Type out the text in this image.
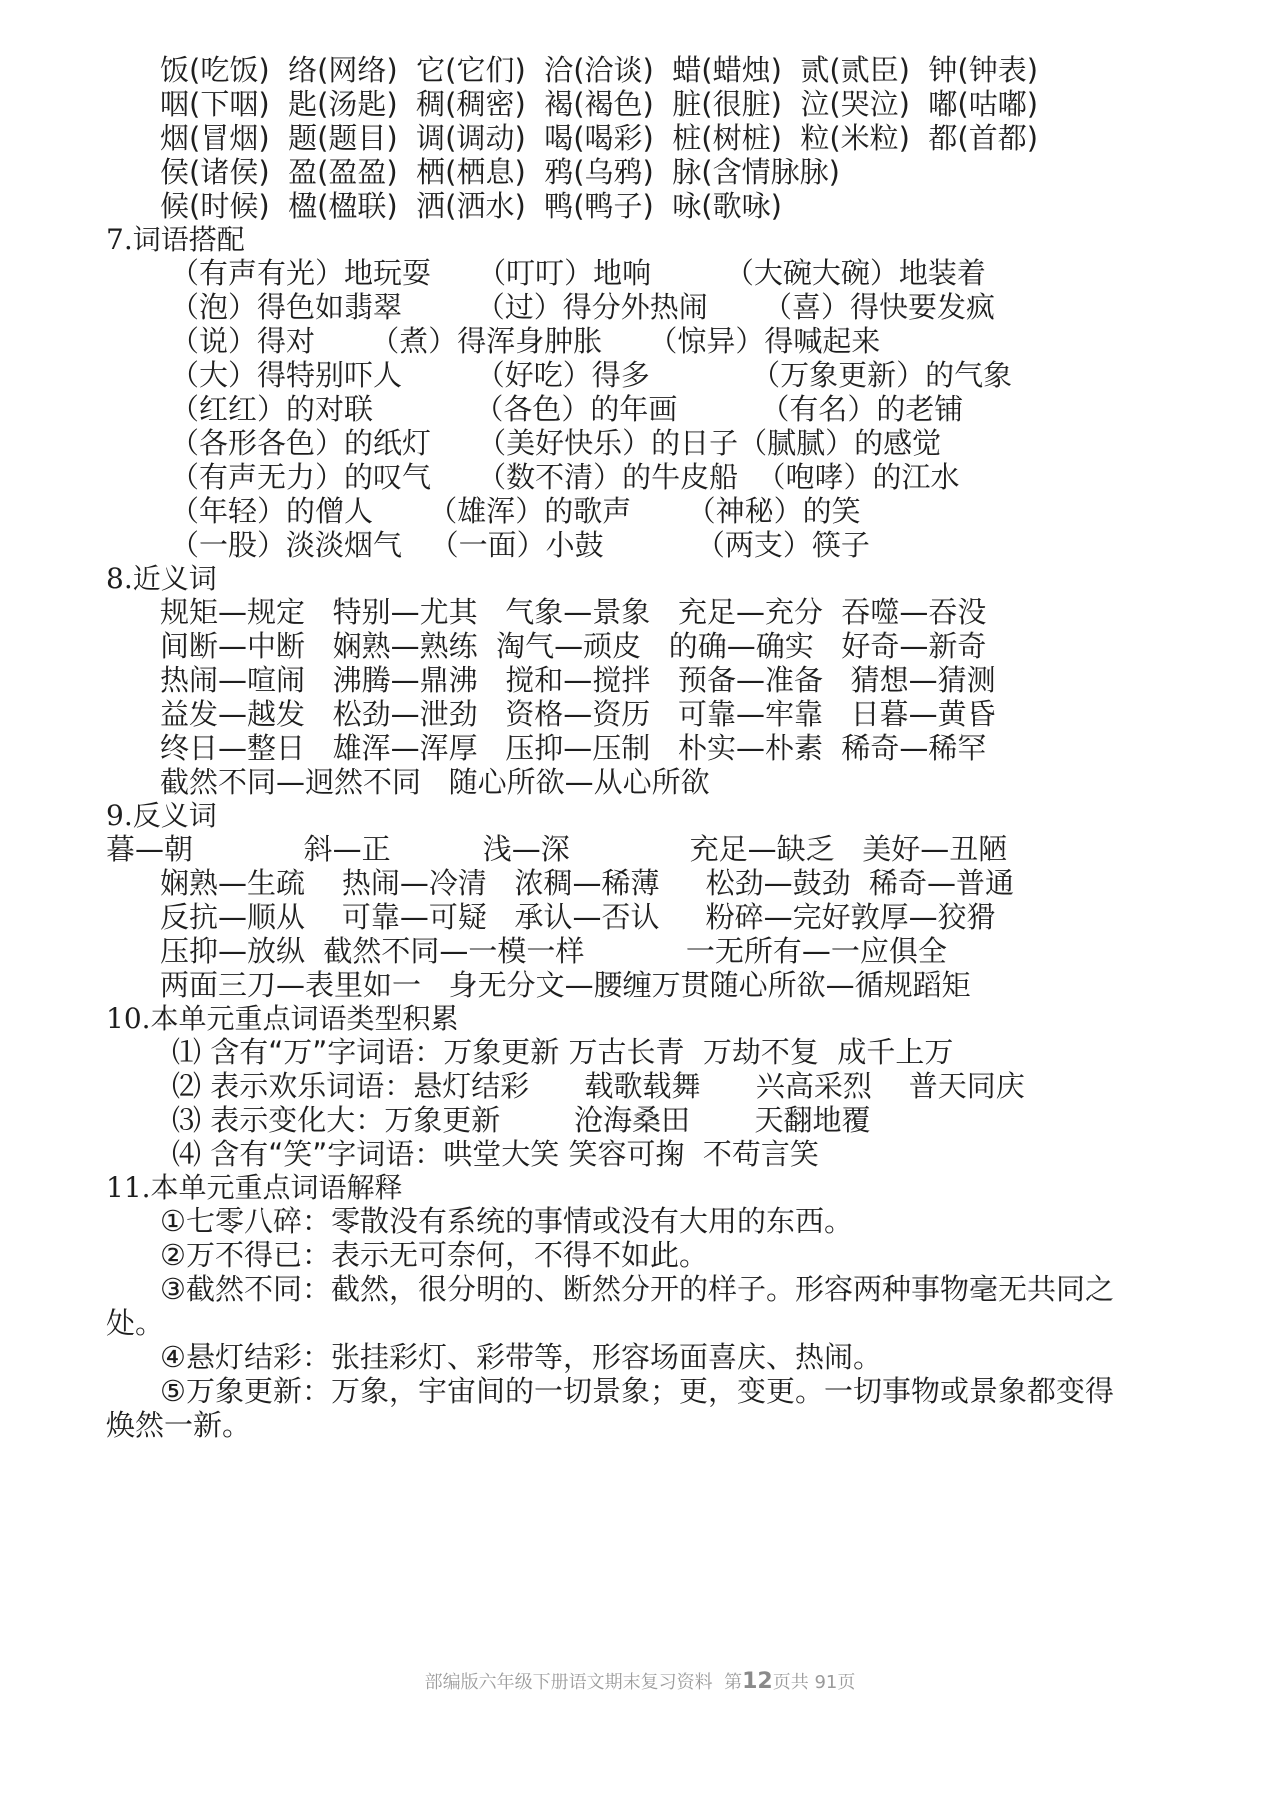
饭(吃饭)  络(网络)  它(它们)  洽(洽谈)  蜡(蜡烛)  贰(贰臣)  钟(钟表)
咽(下咽)  匙(汤匙)  稠(稠密)  褐(褐色)  脏(很脏)  泣(哭泣)  嘟(咕嘟)
烟(冒烟)  题(题目)  调(调动)  喝(喝彩)  桩(树桩)  粒(米粒)  都(首都)
侯(诸侯)  盈(盈盈)  栖(栖息)  鸦(乌鸦)  脉(含情脉脉)
候(时候)  楹(楹联)  洒(洒水)  鸭(鸭子)  咏(歌咏)
7.词语搭配
（有声有光）地玩耍     （叮叮）地响        （大碗大碗）地装着
（泡）得色如翡翠        （过）得分外热闹      （喜）得快要发疯
（说）得对      （煮）得浑身肿胀     （惊异）得喊起来
（大）得特别吓人        （好吃）得多           （万象更新）的气象
（红红）的对联           （各色）的年画         （有名）的老铺
（各形各色）的纸灯     （美好快乐）的日子（腻腻）的感觉
（有声无力）的叹气     （数不清）的牛皮船  （咆哮）的江水
（年轻）的僧人      （雄浑）的歌声      （神秘）的笑
（一股）淡淡烟气   （一面）小鼓          （两支）筷子
8.近义词
规矩—规定   特别—尤其   气象—景象   充足—充分  吞噬—吞没
间断—中断   娴熟—熟练  淘气—顽皮   的确—确实   好奇—新奇
热闹—喧闹   沸腾—鼎沸   搅和—搅拌   预备—准备   猜想—猜测
益发—越发   松劲—泄劲   资格—资历   可靠—牢靠   日暮—黄昏
终日—整日   雄浑—浑厚   压抑—压制   朴实—朴素  稀奇—稀罕
截然不同—迥然不同   随心所欲—从心所欲
9.反义词
暮—朝            斜—正          浅—深             充足—缺乏   美好—丑陋
娴熟—生疏    热闹—冷清   浓稠—稀薄     松劲—鼓劲  稀奇—普通
反抗—顺从    可靠—可疑   承认—否认     粉碎—完好敦厚—狡猾
压抑—放纵  截然不同—一模一样           一无所有—一应俱全
两面三刀—表里如一   身无分文—腰缠万贯随心所欲—循规蹈矩
10.本单元重点词语类型积累
⑴ 含有“万”字词语：万象更新 万古长青  万劫不复  成千上万
⑵ 表示欢乐词语：悬灯结彩      载歌载舞      兴高采烈    普天同庆
⑶ 表示变化大：万象更新        沧海桑田       天翻地覆
⑷ 含有“笑”字词语：哄堂大笑 笑容可掬  不苟言笑
11.本单元重点词语解释
①七零八碎：零散没有系统的事情或没有大用的东西。
②万不得已：表示无可奈何，不得不如此。
③截然不同：截然，很分明的、断然分开的样子。形容两种事物毫无共同之
处。
④悬灯结彩：张挂彩灯、彩带等，形容场面喜庆、热闹。
⑤万象更新：万象，宇宙间的一切景象；更，变更。一切事物或景象都变得
焕然一新。
部编版六年级下册语文期末复习资料  第12页共 91页
